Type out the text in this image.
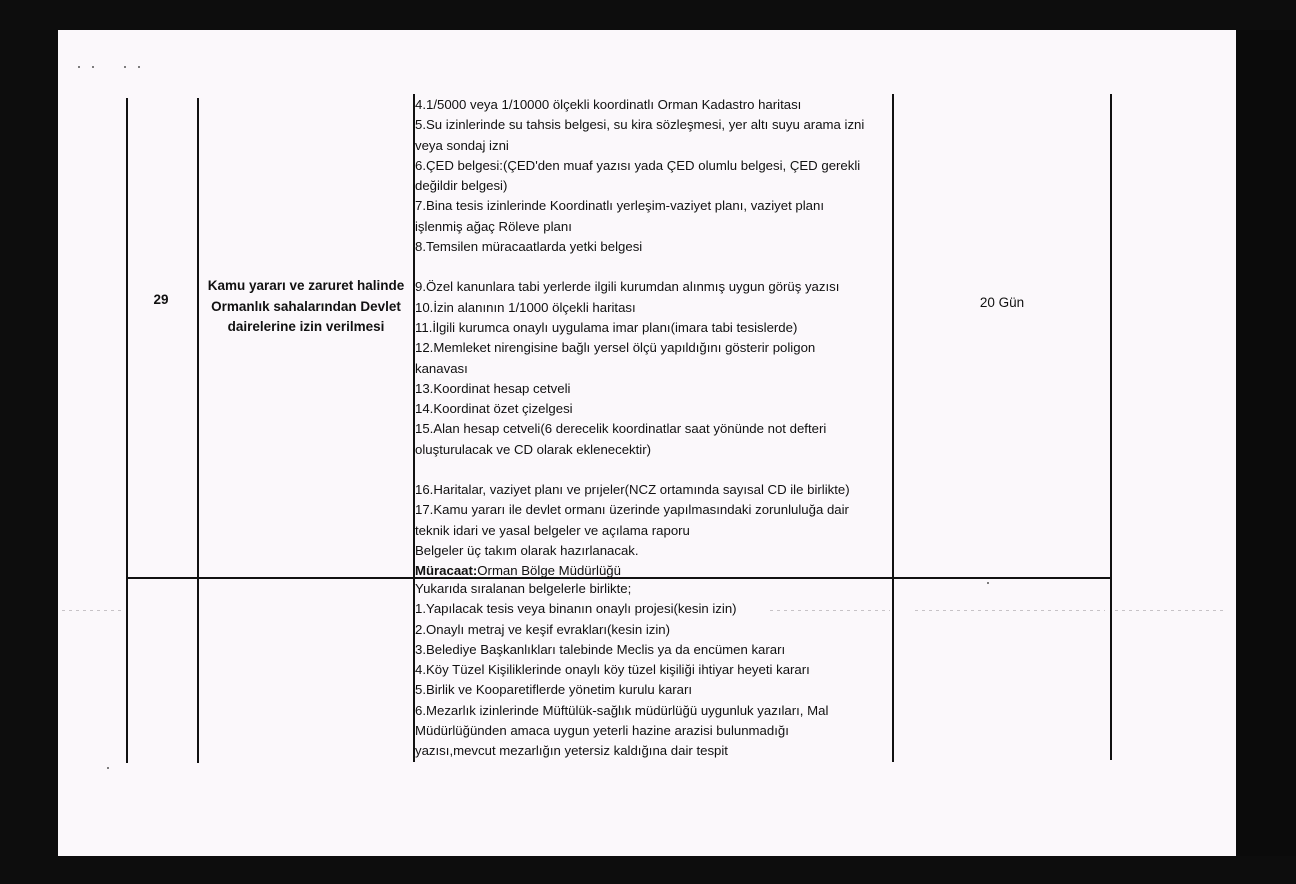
29
Kamu yararı ve zaruret halinde
Ormanlık sahalarından Devlet
dairelerine izin verilmesi
20 Gün
4.1/5000 veya 1/10000 ölçekli koordinatlı Orman Kadastro haritası
5.Su izinlerinde su tahsis belgesi, su kira sözleşmesi, yer altı suyu arama izni
veya sondaj izni
6.ÇED belgesi:(ÇED'den muaf yazısı yada ÇED olumlu belgesi, ÇED gerekli
değildir belgesi)
7.Bina tesis izinlerinde Koordinatlı yerleşim-vaziyet planı, vaziyet planı
işlenmiş ağaç Röleve planı
8.Temsilen müracaatlarda yetki belgesi
9.Özel kanunlara tabi yerlerde ilgili kurumdan alınmış uygun görüş yazısı
10.İzin alanının 1/1000 ölçekli haritası
11.İlgili kurumca onaylı uygulama imar planı(imara tabi tesislerde)
12.Memleket nirengisine bağlı yersel ölçü yapıldığını gösterir poligon
kanavası
13.Koordinat hesap cetveli
14.Koordinat özet çizelgesi
15.Alan hesap cetveli(6 derecelik koordinatlar saat yönünde not defteri
oluşturulacak ve CD olarak eklenecektir)
16.Haritalar, vaziyet planı ve prıjeler(NCZ ortamında sayısal CD ile birlikte)
17.Kamu yararı ile devlet ormanı üzerinde yapılmasındaki zorunluluğa dair
teknik idari ve yasal belgeler ve açılama raporu
Belgeler üç takım olarak hazırlanacak.
Müracaat:Orman Bölge Müdürlüğü
Yukarıda sıralanan belgelerle birlikte;
1.Yapılacak tesis veya binanın onaylı projesi(kesin izin)
2.Onaylı metraj ve keşif evrakları(kesin izin)
3.Belediye Başkanlıkları talebinde Meclis ya da encümen kararı
4.Köy Tüzel Kişiliklerinde onaylı köy tüzel kişiliği ihtiyar heyeti kararı
5.Birlik ve Kooparetiflerde yönetim kurulu kararı
6.Mezarlık izinlerinde Müftülük-sağlık müdürlüğü uygunluk yazıları, Mal
Müdürlüğünden amaca uygun yeterli hazine arazisi bulunmadığı
yazısı,mevcut mezarlığın yetersiz kaldığına dair tespit
